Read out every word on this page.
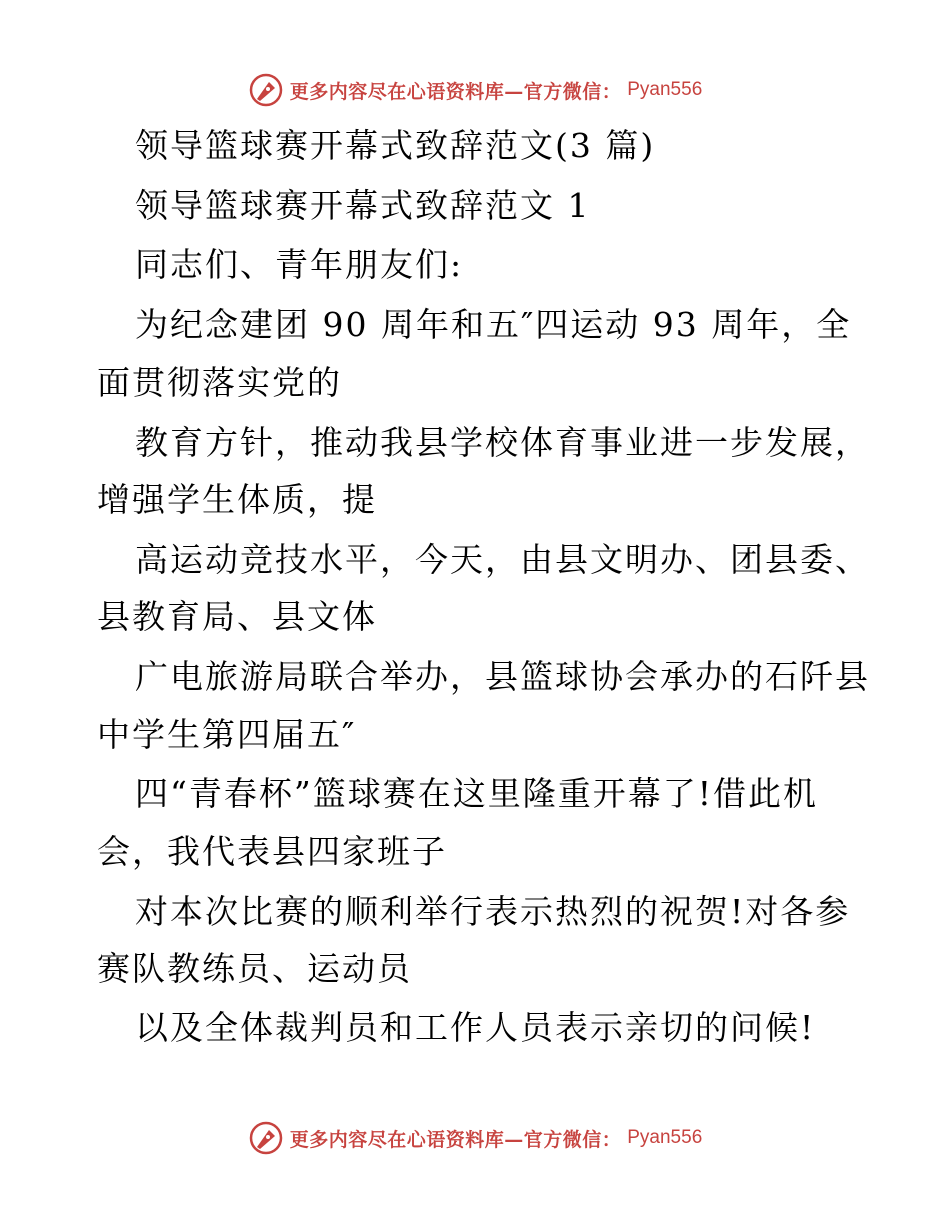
更多内容尽在心语资料库—官方微信： Pyan556
领导篮球赛开幕式致辞范文(3 篇)
领导篮球赛开幕式致辞范文 1
同志们、青年朋友们:
为纪念建团 90 周年和五″四运动 93 周年，全
面贯彻落实党的
教育方针，推动我县学校体育事业进一步发展，
增强学生体质，提
高运动竞技水平，今天，由县文明办、团县委、
县教育局、县文体
广电旅游局联合举办，县篮球协会承办的石阡县
中学生第四届五″
四“青春杯”篮球赛在这里隆重开幕了!借此机
会，我代表县四家班子
对本次比赛的顺利举行表示热烈的祝贺!对各参
赛队教练员、运动员
以及全体裁判员和工作人员表示亲切的问候!
更多内容尽在心语资料库—官方微信： Pyan556
